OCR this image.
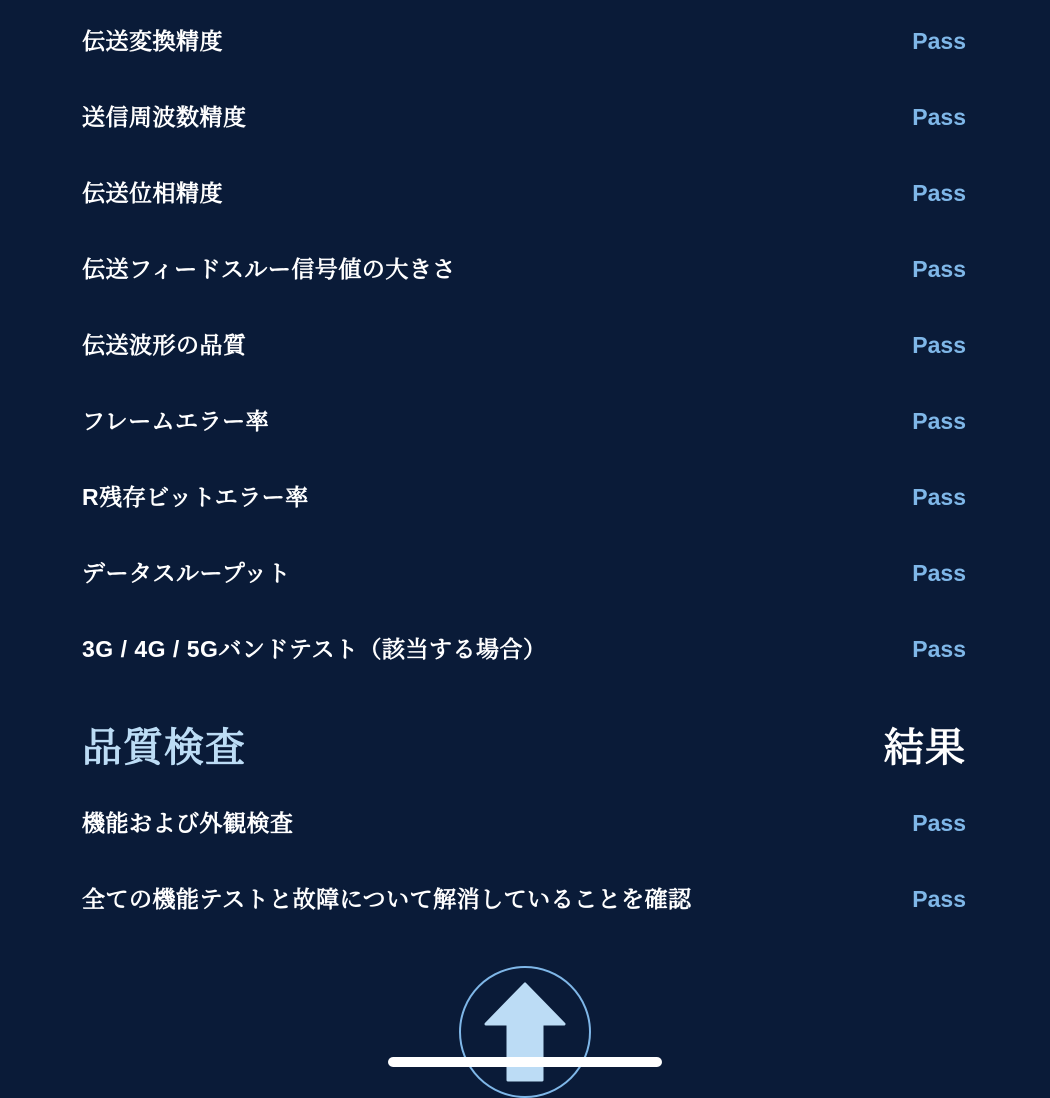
伝送変換精度	Pass
送信周波数精度	Pass
伝送位相精度	Pass
伝送フィードスルー信号値の大きさ	Pass
伝送波形の品質	Pass
フレームエラー率	Pass
R残存ビットエラー率	Pass
データスループット	Pass
3G / 4G / 5Gバンドテスト（該当する場合）	Pass
品質検査	結果
機能および外観検査	Pass
全ての機能テストと故障について解消していることを確認	Pass
